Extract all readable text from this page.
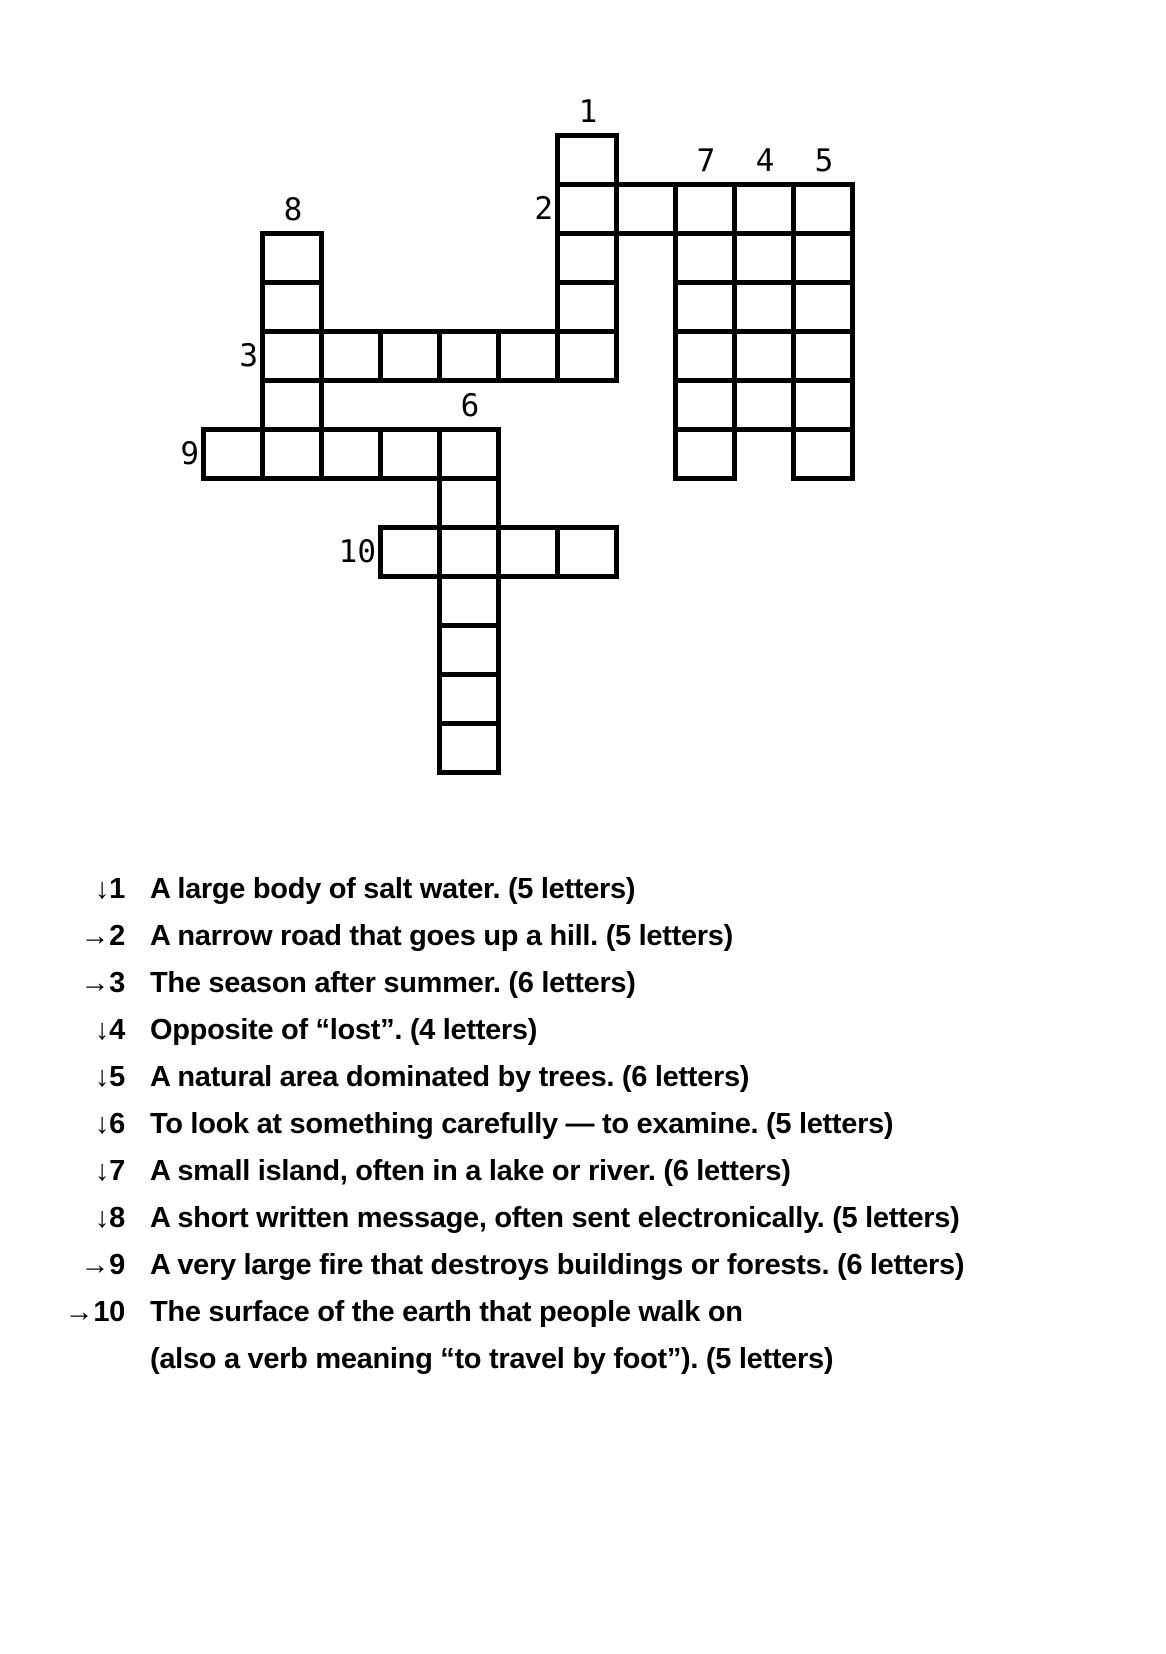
1
7	4	5
2
8
3
6
9
10
↓1 A large body of salt water. (5 letters)
→2 A narrow road that goes up a hill. (5 letters)
→3 The season after summer. (6 letters)
↓4 Opposite of “lost”. (4 letters)
↓5 A natural area dominated by trees. (6 letters)
↓6 To look at something carefully — to examine. (5 letters)
↓7 A small island, often in a lake or river. (6 letters)
↓8 A short written message, often sent electronically. (5 letters)
→9 A very large fire that destroys buildings or forests. (6 letters)
→10 The surface of the earth that people walk on
(also a verb meaning “to travel by foot”). (5 letters)
